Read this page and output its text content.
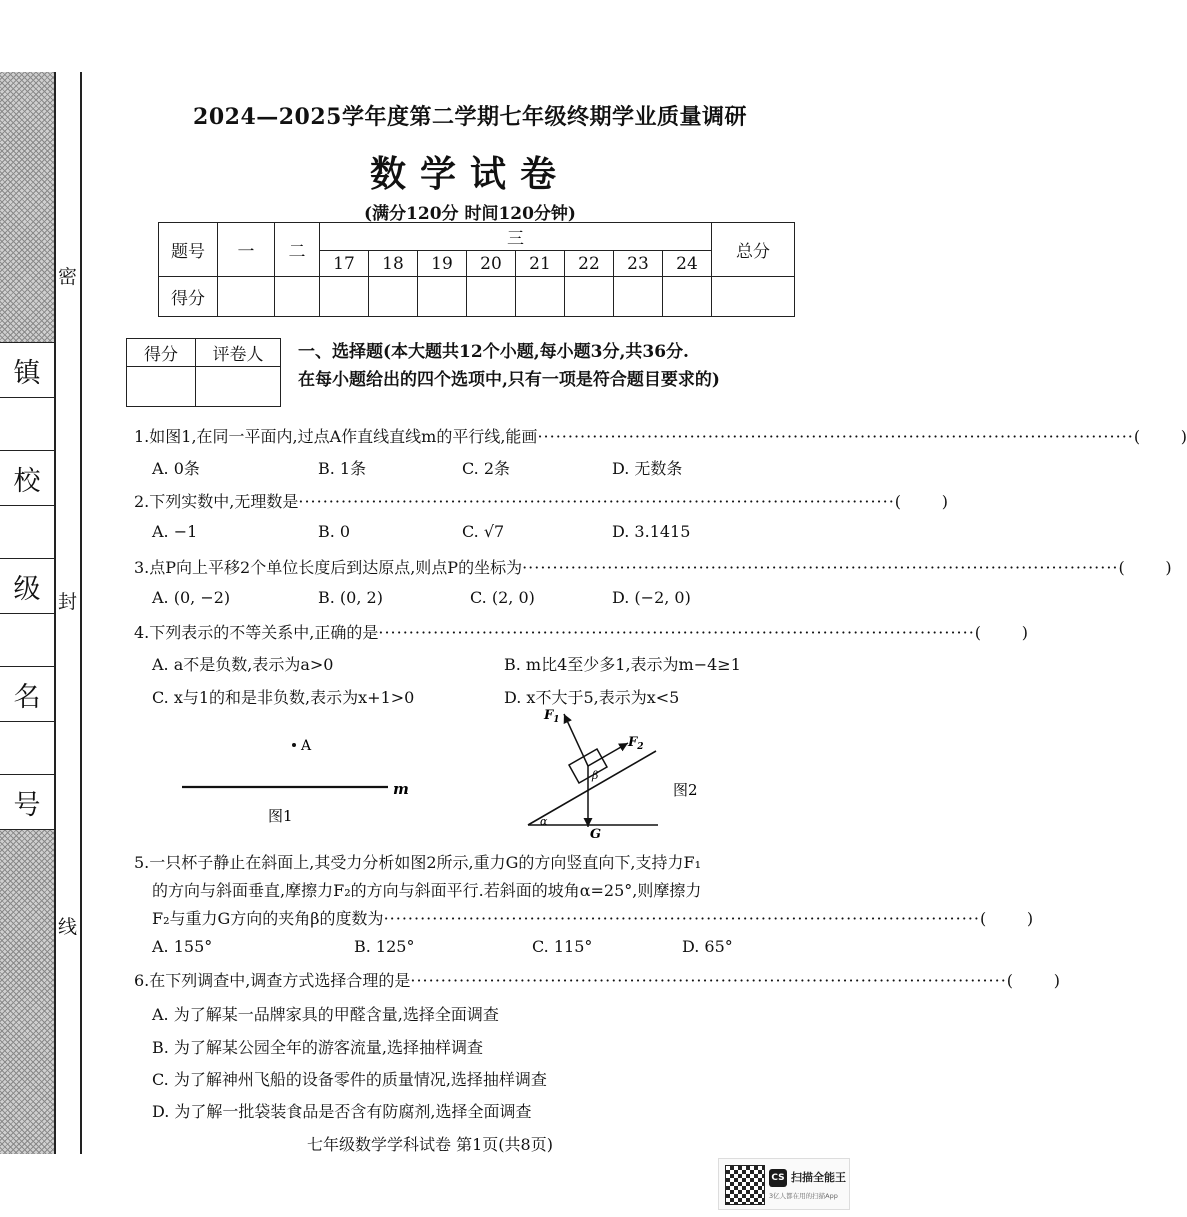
镇
校
级
名
号
密
封
线
2024—2025学年度第二学期七年级终期学业质量调研
数学试卷
(满分120分 时间120分钟)
题号	一	二	三								总分
			17	18	19	20	21	22	23	24	
得分											
得分	评卷人
	一、选择题(本大题共12个小题,每小题3分,共36分.
在每小题给出的四个选项中,只有一项是符合题目要求的)
1.如图1,在同一平面内,过点A作直线直线m的平行线,能画 ·································································································· (        )
A. 0条	B. 1条	C. 2条	D. 无数条
2.下列实数中,无理数是 ·································································································· (        )
A. −1	B. 0	C. √7	D. 3.1415
3.点P向上平移2个单位长度后到达原点,则点P的坐标为 ·································································································· (        )
A. (0, −2)	B. (0, 2)	C. (2, 0)	D. (−2, 0)
4.下列表示的不等关系中,正确的是 ·································································································· (        )
A. a不是负数,表示为a>0	B. m比4至少多1,表示为m−4≥1
C. x与1的和是非负数,表示为x+1>0	D. x不大于5,表示为x<5
A
m
图1
$F_1$
$F_2$
G
α
β
图2
5.一只杯子静止在斜面上,其受力分析如图2所示,重力G的方向竖直向下,支持力F₁
的方向与斜面垂直,摩擦力F₂的方向与斜面平行.若斜面的坡角α=25°,则摩擦力
F₂与重力G方向的夹角β的度数为 ·································································································· (        )
A. 155°	B. 125°	C. 115°	D. 65°
6.在下列调查中,调查方式选择合理的是 ·································································································· (        )
A. 为了解某一品牌家具的甲醛含量,选择全面调查
B. 为了解某公园全年的游客流量,选择抽样调查
C. 为了解神州飞船的设备零件的质量情况,选择抽样调查
D. 为了解一批袋装食品是否含有防腐剂,选择全面调查
七年级数学学科试卷 第1页(共8页)
CS 扫描全能王
3亿人都在用的扫描App
